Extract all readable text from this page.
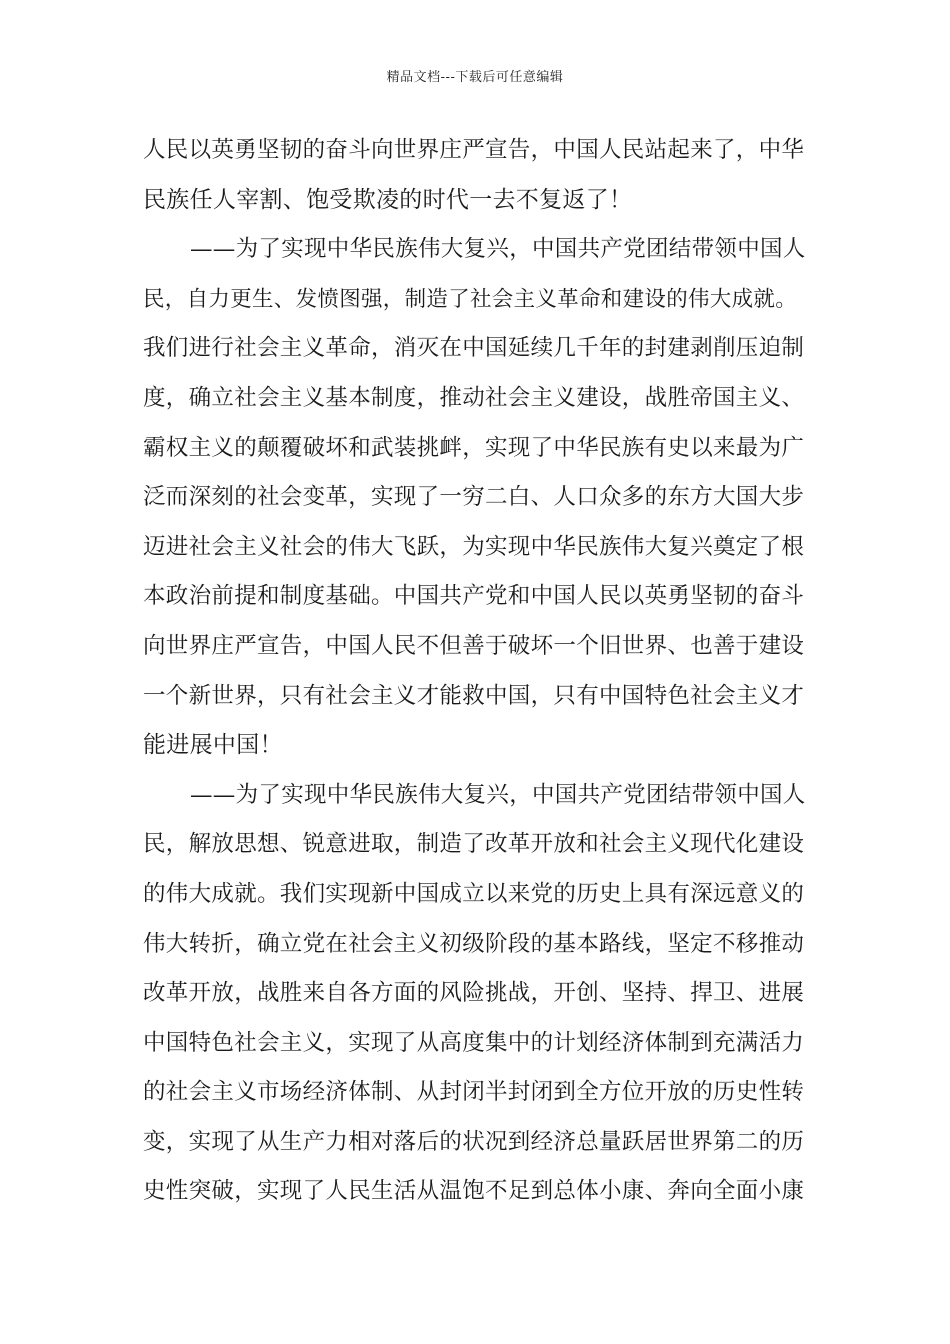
精品文档---下载后可任意编辑
人民以英勇坚韧的奋斗向世界庄严宣告，中国人民站起来了，中华
民族任人宰割、饱受欺凌的时代一去不复返了！
——为了实现中华民族伟大复兴，中国共产党团结带领中国人
民，自力更生、发愤图强，制造了社会主义革命和建设的伟大成就。
我们进行社会主义革命，消灭在中国延续几千年的封建剥削压迫制
度，确立社会主义基本制度，推动社会主义建设，战胜帝国主义、
霸权主义的颠覆破坏和武装挑衅，实现了中华民族有史以来最为广
泛而深刻的社会变革，实现了一穷二白、人口众多的东方大国大步
迈进社会主义社会的伟大飞跃，为实现中华民族伟大复兴奠定了根
本政治前提和制度基础。中国共产党和中国人民以英勇坚韧的奋斗
向世界庄严宣告，中国人民不但善于破坏一个旧世界、也善于建设
一个新世界，只有社会主义才能救中国，只有中国特色社会主义才
能进展中国！
——为了实现中华民族伟大复兴，中国共产党团结带领中国人
民，解放思想、锐意进取，制造了改革开放和社会主义现代化建设
的伟大成就。我们实现新中国成立以来党的历史上具有深远意义的
伟大转折，确立党在社会主义初级阶段的基本路线，坚定不移推动
改革开放，战胜来自各方面的风险挑战，开创、坚持、捍卫、进展
中国特色社会主义，实现了从高度集中的计划经济体制到充满活力
的社会主义市场经济体制、从封闭半封闭到全方位开放的历史性转
变，实现了从生产力相对落后的状况到经济总量跃居世界第二的历
史性突破，实现了人民生活从温饱不足到总体小康、奔向全面小康
